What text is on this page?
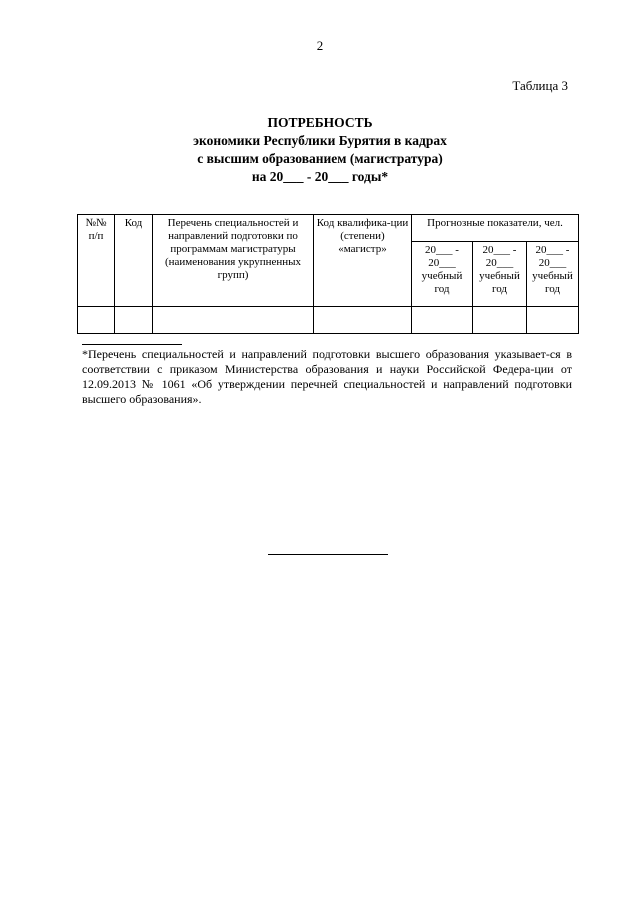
2
Таблица 3
ПОТРЕБНОСТЬ
экономики Республики Бурятия в кадрах
с высшим образованием (магистратура)
на 20___ - 20___ годы*
№№ п/п	Код	Перечень специальностей и направлений подготовки по программам магистратуры (наименования укрупненных групп)	Код квалифика-ции (степени) «магистр»	Прогнозные показатели, чел.		
				20___ - 20___ учебный год	20___ - 20___ учебный год	20___ - 20___ учебный год

*Перечень специальностей и направлений подготовки высшего образования указывает-ся в соответствии с приказом Министерства образования и науки Российской Федера-ции от 12.09.2013 № 1061 «Об утверждении перечней специальностей и направлений подготовки высшего образования».
